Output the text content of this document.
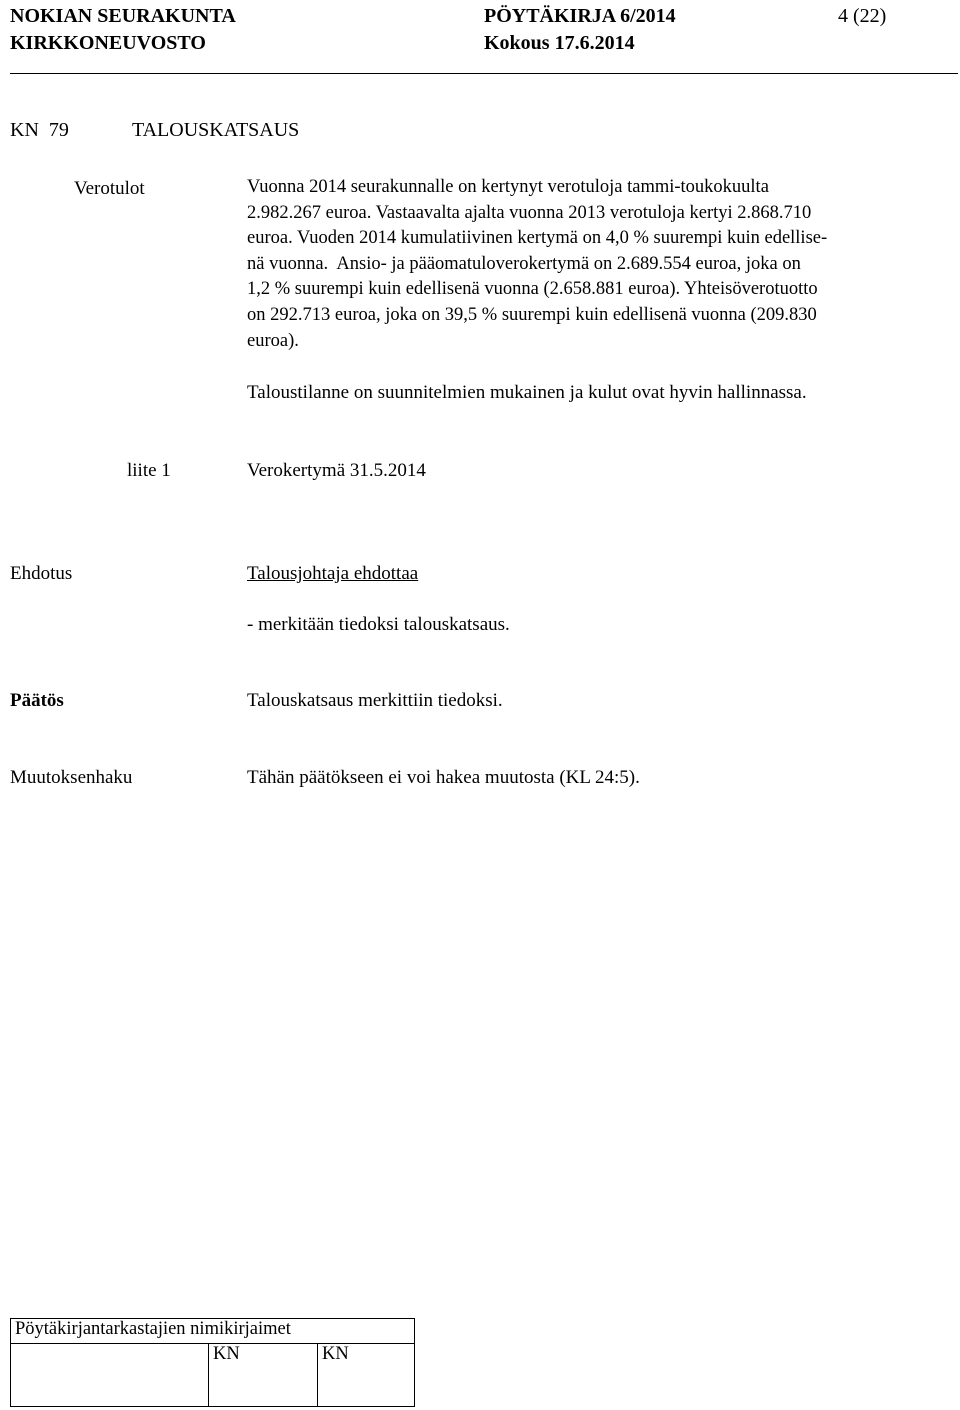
NOKIAN SEURAKUNTA
KIRKKONEUVOSTO
PÖYTÄKIRJA 6/2014
Kokous 17.6.2014
4 (22)
KN  79	TALOUSKATSAUS
Verotulot	Vuonna 2014 seurakunnalle on kertynyt verotuloja tammi-toukokuulta

2.982.267 euroa. Vastaavalta ajalta vuonna 2013 verotuloja kertyi 2.868.710

euroa. Vuoden 2014 kumulatiivinen kertymä on 4,0 % suurempi kuin edellise-

nä vuonna.  Ansio- ja pääomatuloverokertymä on 2.689.554 euroa, joka on

1,2 % suurempi kuin edellisenä vuonna (2.658.881 euroa). Yhteisöverotuotto

on 292.713 euroa, joka on 39,5 % suurempi kuin edellisenä vuonna (209.830

euroa).

Taloustilanne on suunnitelmien mukainen ja kulut ovat hyvin hallinnassa.
liite 1	Verokertymä 31.5.2014
Ehdotus	Talousjohtaja ehdottaa
- merkitään tiedoksi talouskatsaus.
Päätös	Talouskatsaus merkittiin tiedoksi.
Muutoksenhaku	Tähän päätökseen ei voi hakea muutosta (KL 24:5).
Pöytäkirjantarkastajien nimikirjaimet
	KN	KN
